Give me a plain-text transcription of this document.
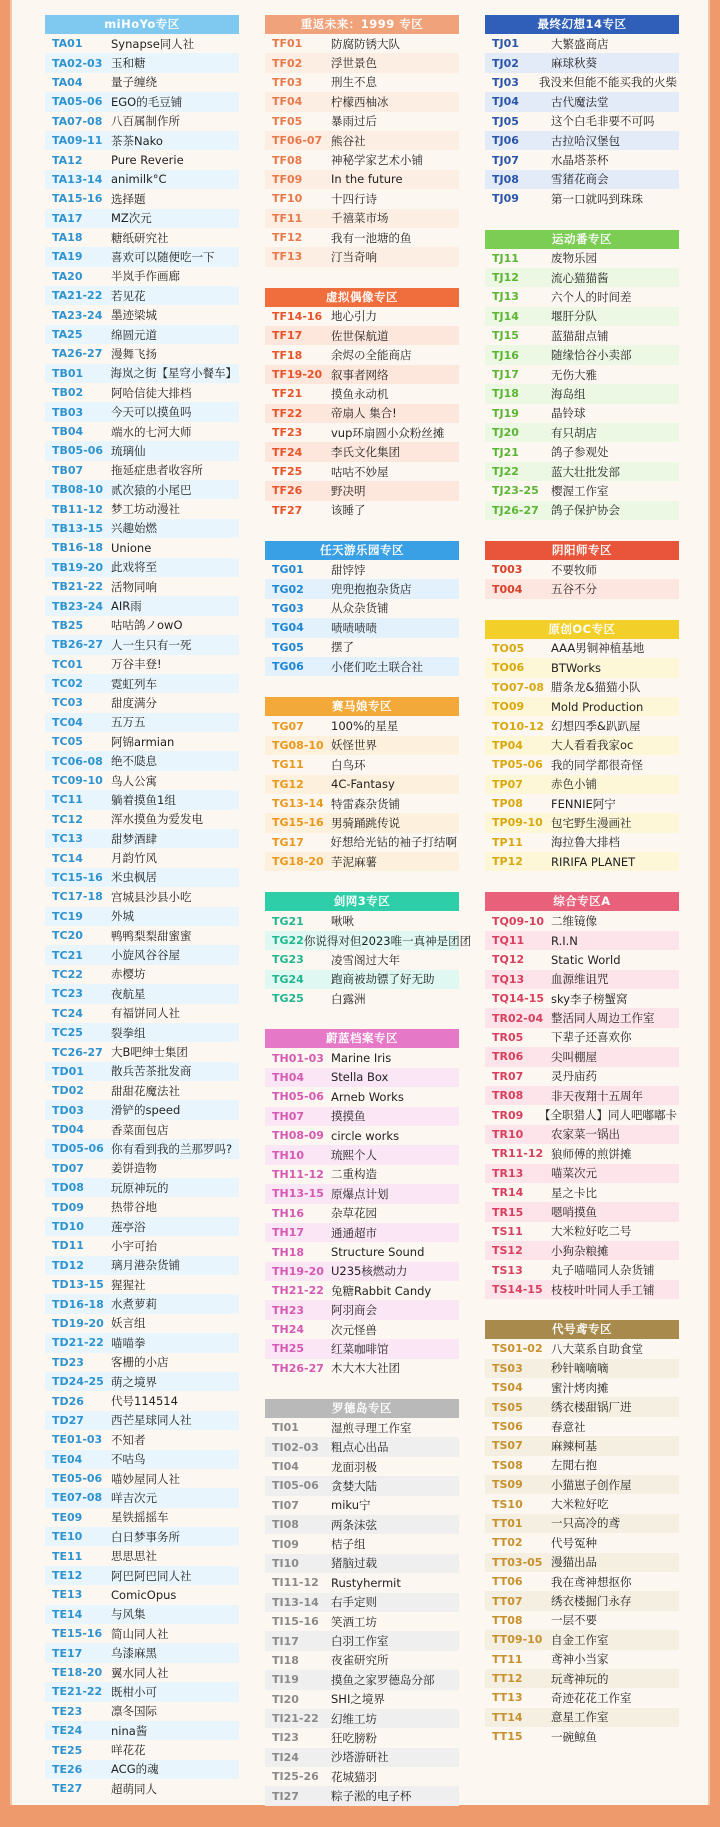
miHoYo专区
TA01	Synapse同人社
TA02-03 玉和糖
TA04	量子缠绕
TA05-06 EGO的毛豆铺
TA07-08 八百属制作所
TA09-11 茶茶Nako
TA12	Pure Reverie
TA13-14 animilk°C
TA15-16 选择题
TA17	MZ次元
TA18	糖纸研究社
TA19	喜欢可以随便吃一下
TA20	半岚手作画廊
TA21-22 若见花
TA23-24 墨迹梁城
TA25	绵圆元道
TA26-27 漫舞飞扬
TB01	海岚之街【星穹小餐车】
TB02	阿哈信徒大排档
TB03	今天可以摸鱼吗
TB04	端水的七河大师
TB05-06 琉璃仙
TB07	拖延症患者收容所
TB08-10 贰次猿的小尾巴
TB11-12 梦工坊动漫社
TB13-15 兴趣始燃
TB16-18 Unione
TB19-20 此戏将至
TB21-22 活物同响
TB23-24 AIR雨
TB25	咕咕鸽ノowO
TB26-27 人一生只有一死
TC01	万谷丰登!
TC02	霓虹列车
TC03	甜度满分
TC04	五万五
TC05	阿锦armian
TC06-08 绝不瓞息
TC09-10 鸟人公寓
TC11	躺着摸鱼1组
TC12	浑水摸鱼为爱发电
TC13	甜梦酒肆
TC14	月韵竹风
TC15-16 米虫枫居
TC17-18 宫城县沙县小吃
TC19	外城
TC20	鸭鸭梨梨甜蜜蜜
TC21	小旋风谷谷屋
TC22	赤樱坊
TC23	夜航星
TC24	有福饼同人社
TC25	裂拳组
TC26-27 大B吧绅士集团
TD01	散兵苦茶批发商
TD02	甜甜花魔法社
TD03	滑铲的speed
TD04	香菜面包店
TD05-06 你有看到我的兰那罗吗?
TD07	姜饼造物
TD08	玩原神玩的
TD09	热带谷地
TD10	莲亭浴
TD11	小宇可抬
TD12	璃月港杂货铺
TD13-15 猩猩社
TD16-18 水煮萝莉
TD19-20 妖言组
TD21-22 喵喵拳
TD23	客栅的小店
TD24-25 萌之境界
TD26	代号114514
TD27	西芒星球同人社
TE01-03 不知者
TE04	不咕鸟
TE05-06 喵妙屋同人社
TE07-08 咩吉次元
TE09	星铁摇摇车
TE10	白日梦事务所
TE11	思思思社
TE12	阿巴阿巴同人社
TE13	ComicOpus
TE14	与风集
TE15-16 简山同人社
TE17	乌漆麻黑
TE18-20 翼水同人社
TE21-22 既柑小可
TE23	凛冬国际
TE24	nina酱
TE25	咩花花
TE26	ACG的魂
TE27	超萌同人
重返未来：1999 专区
TF01	防腐防锈大队
TF02	浮世景色
TF03	刑生不息
TF04	柠檬西柚冰
TF05	暴雨过后
TF06-07 熊谷社
TF08	神秘学家艺术小铺
TF09	In the future
TF10	十四行诗
TF11	千禧菜市场
TF12	我有一池塘的鱼
TF13	汀当奇响
虚拟偶像专区
TF14-16 地心引力
TF17	佐世保航道
TF18	余烬の全能商店
TF19-20 叙事者网络
TF21	摸鱼永动机
TF22	帝扇人 集合!
TF23	vup环扇圆小众粉丝摊
TF24	李氏文化集团
TF25	咕咕不妙屋
TF26	野决明
TF27	该睡了
任天游乐园专区
TG01	甜饽饽
TG02	兜兜抱抱杂货店
TG03	从众杂货铺
TG04	啧啧啧啧
TG05	摆了
TG06	小佬们吃土联合社
赛马娘专区
TG07	100%的星星
TG08-10 妖怪世界
TG11	白鸟环
TG12	4C-Fantasy
TG13-14 特雷森杂货铺
TG15-16 男骑踊跳传说
TG17	好想给光钻的袖子打结啊
TG18-20 芋泥麻薯
剑网3专区
TG21	啾啾
TG22 你说得对但2023唯一真神是团团
TG23	凌雪阁过大年
TG24	跑商被劫镖了好无助
TG25	白露洲
蔚蓝档案专区
TH01-03 Marine Iris
TH04	Stella Box
TH05-06 Arneb Works
TH07	摸摸鱼
TH08-09 circle works
TH10	琉熙个人
TH11-12 二重构造
TH13-15 原爆点计划
TH16	杂草花园
TH17	通通超市
TH18	Structure Sound
TH19-20 U235核燃动力
TH21-22 兔糖Rabbit Candy
TH23	阿羽商会
TH24	次元怪兽
TH25	红菜咖啡馆
TH26-27 木大木大社团
罗德岛专区
TI01	湿煎寻理工作室
TI02-03	粗点心出品
TI04	龙面羽极
TI05-06	贪婪大陆
TI07	miku宁
TI08	两条沫弦
TI09	桔子组
TI10	猪脑过载
TI11-12	Rustyhermit
TI13-14	右手定则
TI15-16	笑酒工坊
TI17	白羽工作室
TI18	夜雀研究所
TI19	摸鱼之家罗德岛分部
TI20	SHI之境界
TI21-22	幻维工坊
TI23	狂吃膀粉
TI24	沙塔游研社
TI25-26	花城猫羽
TI27	粽子淞的电子杯
最终幻想14专区
TJ01	大繁盛商店
TJ02	麻球秋葵
TJ03	我没来但能不能买我的火柴
TJ04	古代魔法堂
TJ05	这个白毛非要不可吗
TJ06	古拉哈汉堡包
TJ07	水晶塔茶杯
TJ08	雪猪花商会
TJ09	第一口就吗到珠珠
运动番专区
TJ11	废物乐园
TJ12	流心猫猫酱
TJ13	六个人的时间差
TJ14	堰肝分队
TJ15	蓝猫甜点铺
TJ16	随缘恰谷小卖部
TJ17	无伤大雅
TJ18	海岛组
TJ19	晶铃球
TJ20	有只胡店
TJ21	鸽子参观处
TJ22	蓝大壮批发部
TJ23-25	樱渥工作室
TJ26-27	鸽子保护协会
阴阳师专区
T003	不要牧师
T004	五谷不分
原创OC专区
TO05	AAA男铜神植基地
TO06	BTWorks
TO07-08 腊条龙&猫猫小队
TO09	Mold Production
TO10-12 幻想四季&趴趴屋
TP04	大人看看我家oc
TP05-06 我的同学都很奇怪
TP07	赤色小铺
TP08	FENNIE阿宁
TP09-10 包宅野生漫画社
TP11	海拉鲁大排档
TP12	RIRIFA PLANET
综合专区A
TQ09-10 二维镜像
TQ11	R.I.N
TQ12	Static World
TQ13	血源维诅咒
TQ14-15 sky李子榜蟹窝
TR02-04 整活同人周边工作室
TR05	下辈子还喜欢你
TR06	尖叫棚屋
TR07	灵丹庙药
TR08	非天夜翔十五周年
TR09	【全职猎人】同人吧嘟嘟卡
TR10	农家菜一锅出
TR11-12 狼师傅的煎饼摊
TR13	喵菜次元
TR14	星之卡比
TR15	嗯哨摸鱼
TS11	大米粒好吃二号
TS12	小狗杂粮摊
TS13	丸子喵喵同人杂货铺
TS14-15 枝枝叶叶同人手工铺
代号鸢专区
TS01-02 八大菜系自助食堂
TS03	秒针嘀嘀嘀
TS04	蜜汁烤肉摊
TS05	绣衣楼甜锅厂进
TS06	春意社
TS07	麻辣柯基
TS08	左閒右抱
TS09	小猫崽子创作屋
TS10	大米粒好吃
TT01	一只高冷的鸢
TT02	代号冤种
TT03-05 漫猫出品
TT06	我在鸢神想抠你
TT07	绣衣楼掘门永存
TT08	一层不要
TT09-10 自金工作室
TT11	鸢神小当家
TT12	玩鸢神玩的
TT13	奇迹花花工作室
TT14	意星工作室
TT15	一碗鲸鱼
